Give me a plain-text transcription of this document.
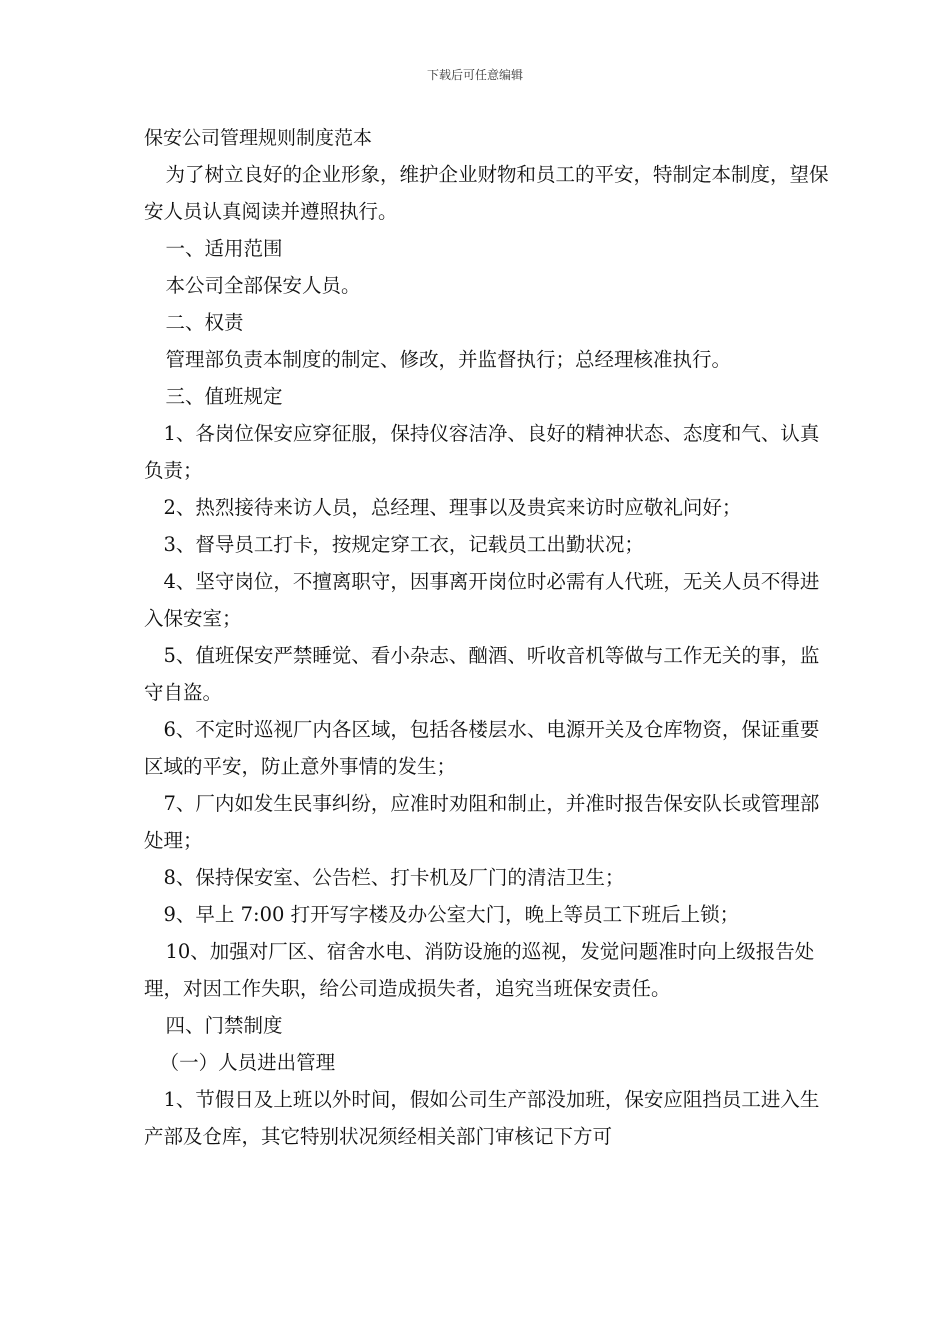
下载后可任意编辑
保安公司管理规则制度范本

为了树立良好的企业形象，维护企业财物和员工的平安，特制定本制度，望保安人员认真阅读并遵照执行。

一、适用范围

本公司全部保安人员。

二、权责

管理部负责本制度的制定、修改，并监督执行；总经理核准执行。

三、值班规定

1、各岗位保安应穿征服，保持仪容洁净、良好的精神状态、态度和气、认真负责；

2、热烈接待来访人员，总经理、理事以及贵宾来访时应敬礼问好；

3、督导员工打卡，按规定穿工衣，记载员工出勤状况；

4、坚守岗位，不擅离职守，因事离开岗位时必需有人代班，无关人员不得进入保安室；

5、值班保安严禁睡觉、看小杂志、酗酒、听收音机等做与工作无关的事，监守自盗。

6、不定时巡视厂内各区域，包括各楼层水、电源开关及仓库物资，保证重要区域的平安，防止意外事情的发生；

7、厂内如发生民事纠纷，应准时劝阻和制止，并准时报告保安队长或管理部处理；

8、保持保安室、公告栏、打卡机及厂门的清洁卫生；

9、早上 7:00 打开写字楼及办公室大门，晚上等员工下班后上锁；

10、加强对厂区、宿舍水电、消防设施的巡视，发觉问题准时向上级报告处理，对因工作失职，给公司造成损失者，追究当班保安责任。

四、门禁制度

（一）人员进出管理

1、节假日及上班以外时间，假如公司生产部没加班，保安应阻挡员工进入生产部及仓库，其它特别状况须经相关部门审核记下方可
